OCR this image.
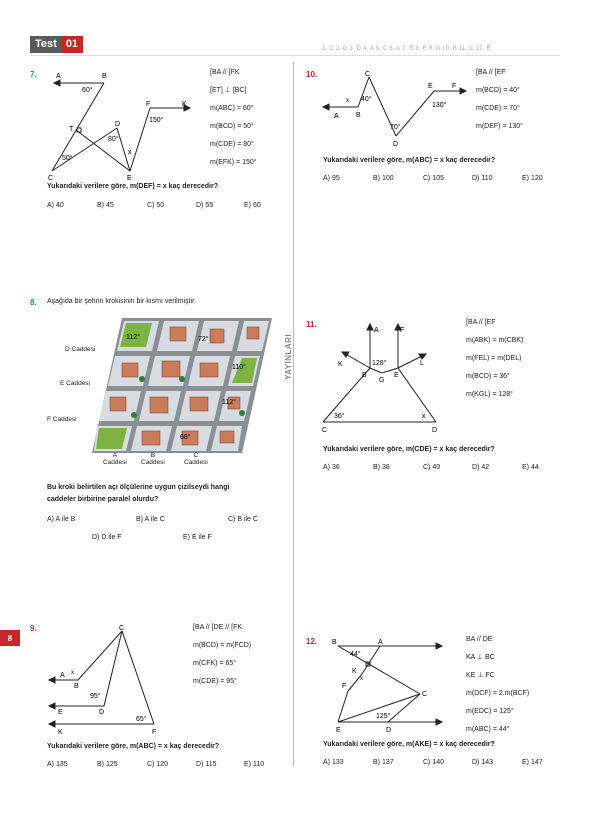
Test 01	1. C 2. D 3. D 4. A 5. C 6. A 7. E 8. E 9. B 10. B 11. C 12. E
YAYINLARI
8
7.	A	B
60°
T
D
80°
x
50°
C	E
F
150°
K
[BA // [FK
[ET] ⊥ [BC]
m(ABC) = 60°
m(BCD) = 50°
m(CDE) = 80°
m(EFK) = 150°
Yukarıdaki verilere göre, m(DEF) = x kaç derecedir?
A) 40	B) 45	C) 50	D) 55	E) 60
8. Aşağıda bir şehrin krokisinin bir kısmı verilmiştir.
D Caddesi
E Caddesi
F Caddesi
112°	72°
110°
112°
68°
A
Caddesi
B
Caddesi
C
Caddesi
Bu kroki belirtilen açı ölçülerine uygun çizilseydi hangi
caddeler birbirine paralel olurdu?
A) A ile B	B) A ile C	C) B ile C
D) D ile F	E) E ile F
9.	C
A x
B
95°
E	D
65°
K	F
[BA // [DE // [FK
m(BCD) = m(FCD)
m(CFK) = 65°
m(CDE) = 95°
Yukarıdaki verilere göre, m(ABC) = x kaç derecedir?
A) 135	B) 125	C) 120	D) 115	E) 110
10.
A
x
B
C
40°
70°
D
E	F
130°
[BA // [EF
m(BCD) = 40°
m(CDE) = 70°
m(DEF) = 130°
Yukarıdaki verilere göre, m(ABC) = x kaç derecedir?
A) 95	B) 100	C) 105	D) 110	E) 120
11.
A	F
K	L
128°
B	E
G
36°	x
C	D
[BA // [EF
m(ABK) = m(CBK)
m(FEL) = m(DEL)
m(BCD) = 36°
m(KGL) = 128°
Yukarıdaki verilere göre, m(CDE) = x kaç derecedir?
A) 36	B) 38	C) 40	D) 42	E) 44
12. B	A
44°
K
x
F
C
125°
E	D
BA // DE
KA ⊥ BC
KE ⊥ FC
m(DCF) = 2.m(BCF)
m(EDC) = 125°
m(ABC) = 44°
Yukarıdaki verilere göre, m(AKE) = x kaç derecedir?
A) 133	B) 137	C) 140	D) 143	E) 147
